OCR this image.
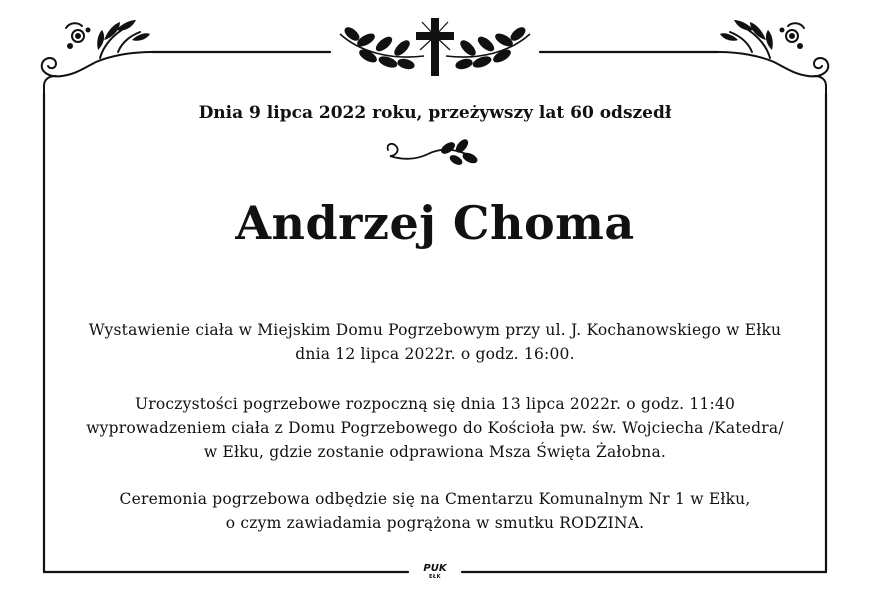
Dnia 9 lipca 2022 roku, przeżywszy lat 60 odszedł
Andrzej Choma
Wystawienie ciała w Miejskim Domu Pogrzebowym przy ul. J. Kochanowskiego w Ełku
dnia 12 lipca 2022r. o godz. 16:00.
Uroczystości pogrzebowe rozpoczną się dnia 13 lipca 2022r. o godz. 11:40
wyprowadzeniem ciała z Domu Pogrzebowego do Kościoła pw. św. Wojciecha /Katedra/
w Ełku, gdzie zostanie odprawiona Msza Święta Żałobna.
Ceremonia pogrzebowa odbędzie się na Cmentarzu Komunalnym Nr 1 w Ełku,
o czym zawiadamia pogrążona w smutku RODZINA.
PUK
EŁK
